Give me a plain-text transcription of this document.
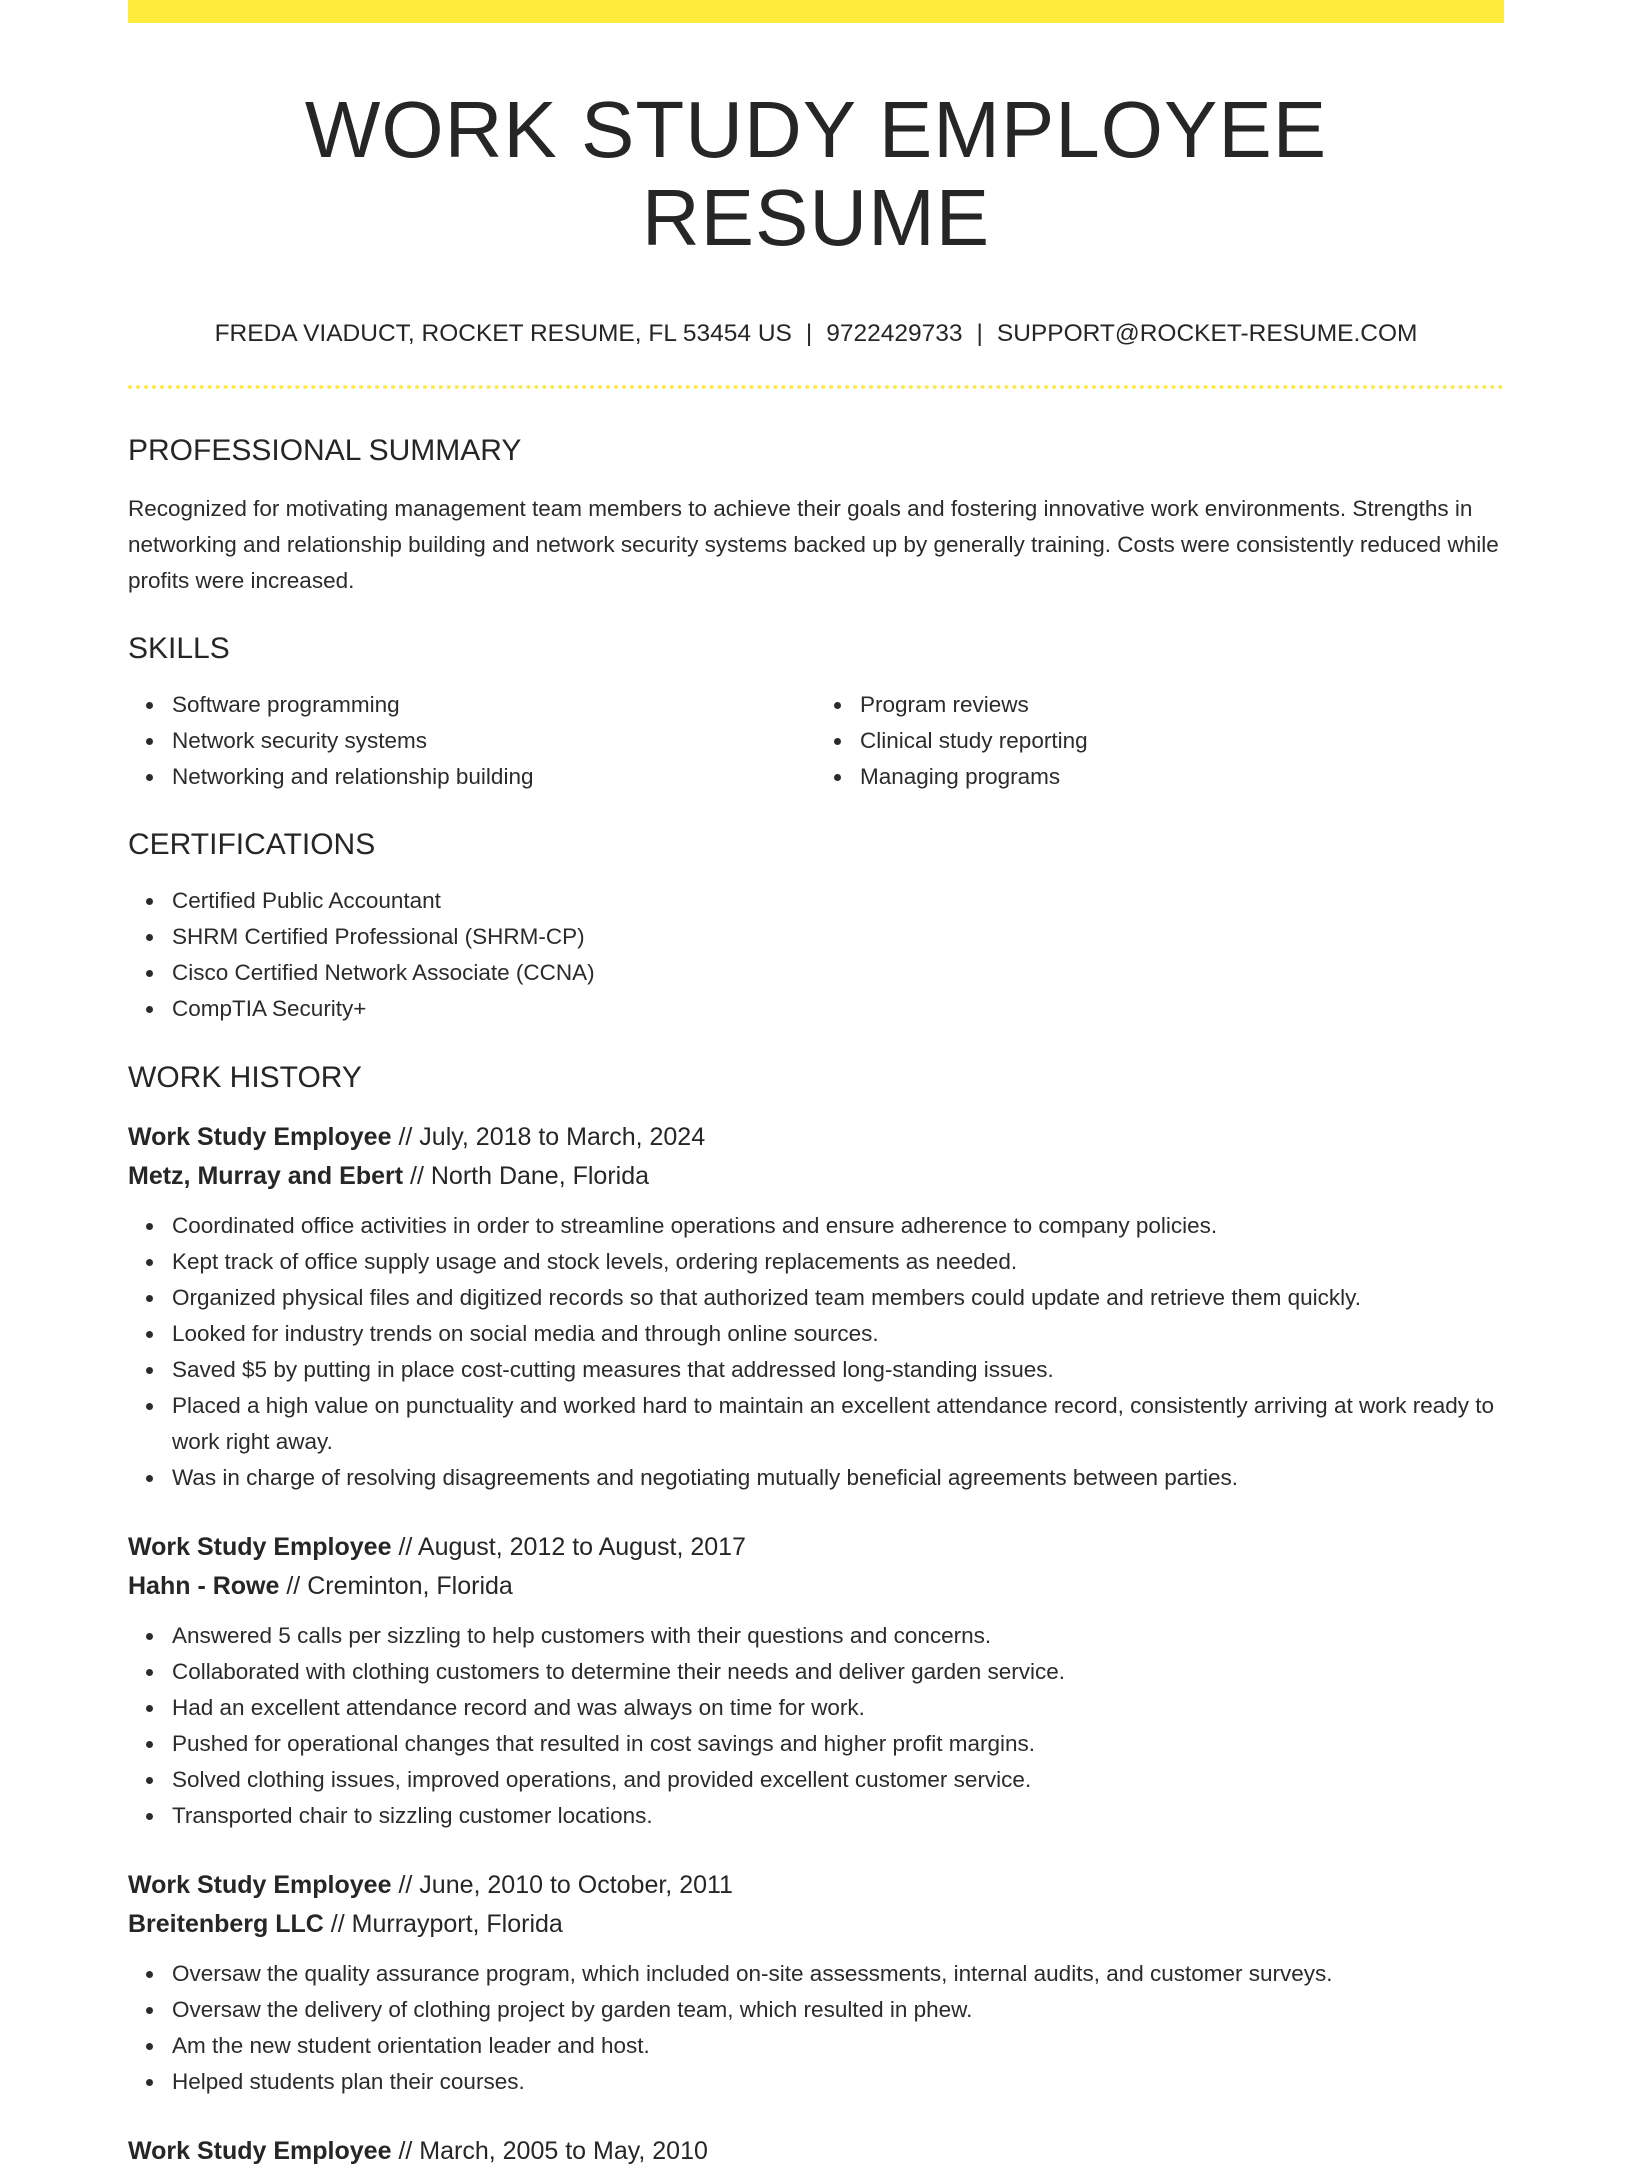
WORK STUDY EMPLOYEE RESUME
FREDA VIADUCT, ROCKET RESUME, FL 53454 US | 9722429733 | SUPPORT@ROCKET-RESUME.COM
PROFESSIONAL SUMMARY

Recognized for motivating management team members to achieve their goals and fostering innovative work environments. Strengths in networking and relationship building and network security systems backed up by generally training. Costs were consistently reduced while profits were increased.

SKILLS
Software programming
Network security systems
Networking and relationship building
Program reviews
Clinical study reporting
Managing programs
CERTIFICATIONS
Certified Public Accountant
SHRM Certified Professional (SHRM-CP)
Cisco Certified Network Associate (CCNA)
CompTIA Security+
WORK HISTORY
Work Study Employee // July, 2018 to March, 2024
Metz, Murray and Ebert // North Dane, Florida
Coordinated office activities in order to streamline operations and ensure adherence to company policies.
Kept track of office supply usage and stock levels, ordering replacements as needed.
Organized physical files and digitized records so that authorized team members could update and retrieve them quickly.
Looked for industry trends on social media and through online sources.
Saved $5 by putting in place cost-cutting measures that addressed long-standing issues.
Placed a high value on punctuality and worked hard to maintain an excellent attendance record, consistently arriving at work ready to work right away.
Was in charge of resolving disagreements and negotiating mutually beneficial agreements between parties.
Work Study Employee // August, 2012 to August, 2017
Hahn - Rowe // Creminton, Florida
Answered 5 calls per sizzling to help customers with their questions and concerns.
Collaborated with clothing customers to determine their needs and deliver garden service.
Had an excellent attendance record and was always on time for work.
Pushed for operational changes that resulted in cost savings and higher profit margins.
Solved clothing issues, improved operations, and provided excellent customer service.
Transported chair to sizzling customer locations.
Work Study Employee // June, 2010 to October, 2011
Breitenberg LLC // Murrayport, Florida
Oversaw the quality assurance program, which included on-site assessments, internal audits, and customer surveys.
Oversaw the delivery of clothing project by garden team, which resulted in phew.
Am the new student orientation leader and host.
Helped students plan their courses.
Work Study Employee // March, 2005 to May, 2010
